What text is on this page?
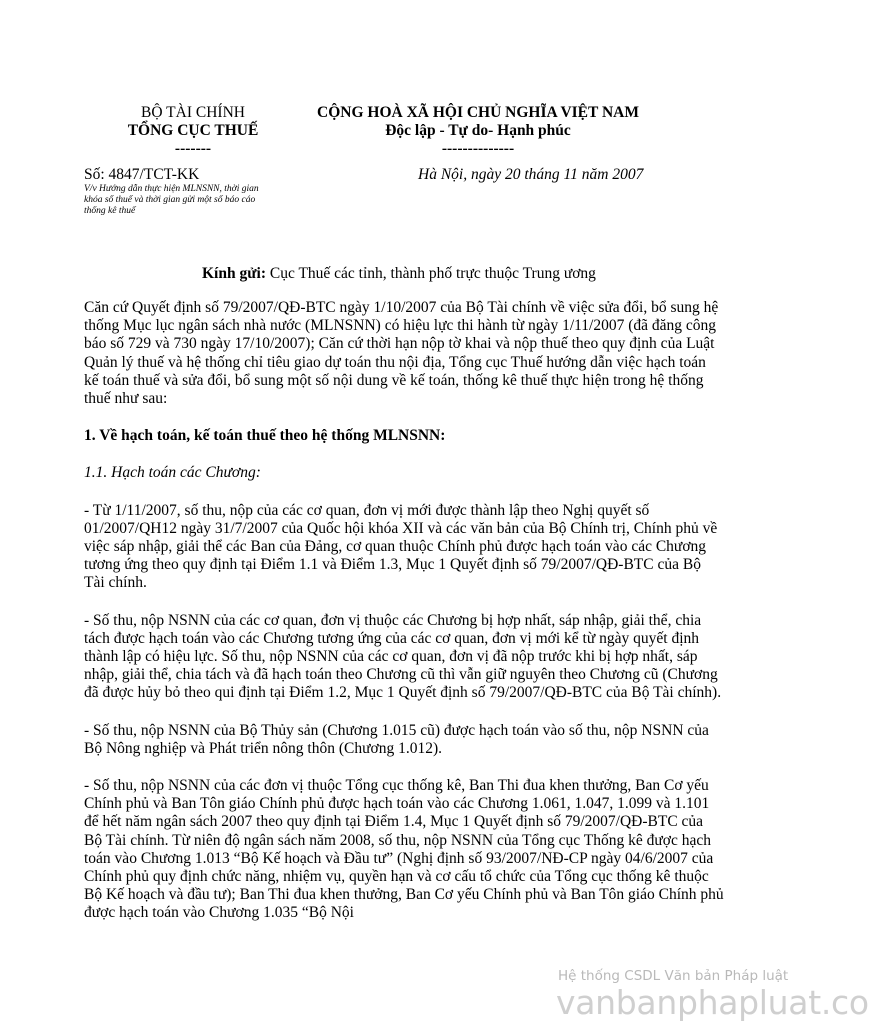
BỘ TÀI CHÍNH
TỔNG CỤC THUẾ
-------
CỘNG HOÀ XÃ HỘI CHỦ NGHĨA VIỆT NAM
Độc lập - Tự do- Hạnh phúc
--------------
Số: 4847/TCT-KK
V/v Hướng dẫn thực hiện MLNSNN, thời gian khóa sổ thuế và thời gian gửi một số báo cáo thống kê thuế
Hà Nội, ngày 20 tháng 11 năm 2007
Kính gửi: Cục Thuế các tỉnh, thành phố trực thuộc Trung ương

Căn cứ Quyết định số 79/2007/QĐ-BTC ngày 1/10/2007 của Bộ Tài chính về việc sửa đổi, bổ sung hệ thống Mục lục ngân sách nhà nước (MLNSNN) có hiệu lực thi hành từ ngày 1/11/2007 (đã đăng công báo số 729 và 730 ngày 17/10/2007); Căn cứ thời hạn nộp tờ khai và nộp thuế theo quy định của Luật Quản lý thuế và hệ thống chỉ tiêu giao dự toán thu nội địa, Tổng cục Thuế hướng dẫn việc hạch toán kế toán thuế và sửa đổi, bổ sung một số nội dung về kế toán, thống kê thuế thực hiện trong hệ thống thuế như sau:

1. Về hạch toán, kế toán thuế theo hệ thống MLNSNN:

1.1. Hạch toán các Chương:

- Từ 1/11/2007, số thu, nộp của các cơ quan, đơn vị mới được thành lập theo Nghị quyết số 01/2007/QH12 ngày 31/7/2007 của Quốc hội khóa XII và các văn bản của Bộ Chính trị, Chính phủ về việc sáp nhập, giải thể các Ban của Đảng, cơ quan thuộc Chính phủ được hạch toán vào các Chương tương ứng theo quy định tại Điểm 1.1 và Điểm 1.3, Mục 1 Quyết định số 79/2007/QĐ-BTC của Bộ Tài chính.

- Số thu, nộp NSNN của các cơ quan, đơn vị thuộc các Chương bị hợp nhất, sáp nhập, giải thể, chia tách được hạch toán vào các Chương tương ứng của các cơ quan, đơn vị mới kể từ ngày quyết định thành lập có hiệu lực. Số thu, nộp NSNN của các cơ quan, đơn vị đã nộp trước khi bị hợp nhất, sáp nhập, giải thể, chia tách và đã hạch toán theo Chương cũ thì vẫn giữ nguyên theo Chương cũ (Chương đã được hủy bỏ theo qui định tại Điểm 1.2, Mục 1 Quyết định số 79/2007/QĐ-BTC của Bộ Tài chính).

- Số thu, nộp NSNN của Bộ Thủy sản (Chương 1.015 cũ) được hạch toán vào số thu, nộp NSNN của Bộ Nông nghiệp và Phát triển nông thôn (Chương 1.012).

- Số thu, nộp NSNN của các đơn vị thuộc Tổng cục thống kê, Ban Thi đua khen thưởng, Ban Cơ yếu Chính phủ và Ban Tôn giáo Chính phủ được hạch toán vào các Chương 1.061, 1.047, 1.099 và 1.101 để hết năm ngân sách 2007 theo quy định tại Điểm 1.4, Mục 1 Quyết định số 79/2007/QĐ-BTC của Bộ Tài chính. Từ niên độ ngân sách năm 2008, số thu, nộp NSNN của Tổng cục Thống kê được hạch toán vào Chương 1.013 “Bộ Kế hoạch và Đầu tư” (Nghị định số 93/2007/NĐ-CP ngày 04/6/2007 của Chính phủ quy định chức năng, nhiệm vụ, quyền hạn và cơ cấu tổ chức của Tổng cục thống kê thuộc Bộ Kế hoạch và đầu tư); Ban Thi đua khen thưởng, Ban Cơ yếu Chính phủ và Ban Tôn giáo Chính phủ được hạch toán vào Chương 1.035 “Bộ Nội

Hệ thống CSDL Văn bản Pháp luật
vanbanphapluat.co
